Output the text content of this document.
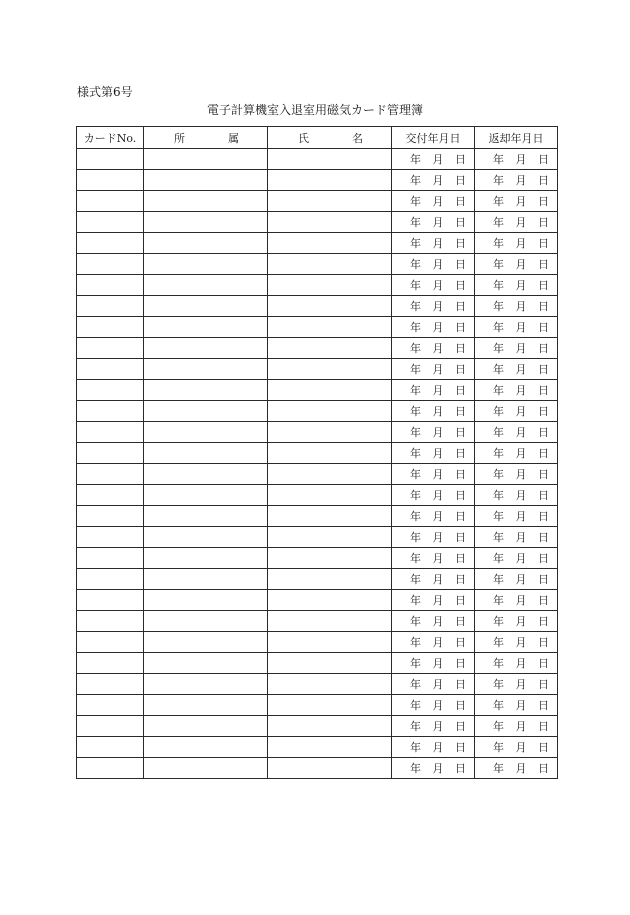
様式第6号
電子計算機室入退室用磁気カード管理簿
カードNo.	所 属	氏 名	交付年月日	返却年月日

			年 月 日	年 月 日

			年 月 日	年 月 日

			年 月 日	年 月 日

			年 月 日	年 月 日

			年 月 日	年 月 日

			年 月 日	年 月 日

			年 月 日	年 月 日

			年 月 日	年 月 日

			年 月 日	年 月 日

			年 月 日	年 月 日

			年 月 日	年 月 日

			年 月 日	年 月 日

			年 月 日	年 月 日

			年 月 日	年 月 日

			年 月 日	年 月 日

			年 月 日	年 月 日

			年 月 日	年 月 日

			年 月 日	年 月 日

			年 月 日	年 月 日

			年 月 日	年 月 日

			年 月 日	年 月 日

			年 月 日	年 月 日

			年 月 日	年 月 日

			年 月 日	年 月 日

			年 月 日	年 月 日

			年 月 日	年 月 日

			年 月 日	年 月 日

			年 月 日	年 月 日

			年 月 日	年 月 日

			年 月 日	年 月 日
